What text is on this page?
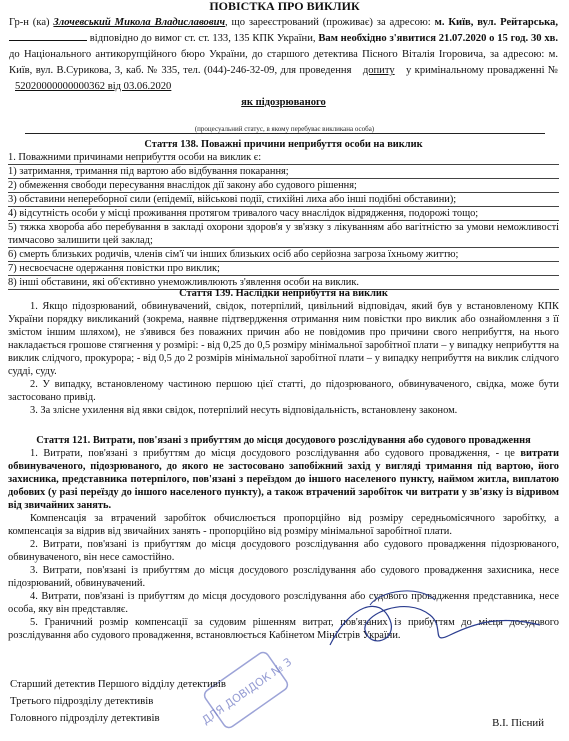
ПОВІСТКА ПРО ВИКЛИК
Гр-н (ка) Злочевський Микола Владиславович, що зареєстрований (проживає) за адресою: м. Київ, вул. Рейтарська,  відповідно до вимог ст. ст. 133, 135 КПК України, Вам необхідно з'явитися 21.07.2020 о 15 год. 30 хв. до Національного антикорупційного бюро України, до старшого детектива Пісного Віталія Ігоровича, за адресою: м. Київ, вул. В.Сурикова, 3, каб. № 335, тел. (044)-246-32-09, для проведення допиту у кримінальному провадженні № 52020000000000362 від 03.06.2020
як підозрюваного
(процесуальний статус, в якому перебуває викликана особа)
Стаття 138. Поважні причини неприбуття особи на виклик
1. Поважними причинами неприбуття особи на виклик є:
1) затримання, тримання під вартою або відбування покарання;
2) обмеження свободи пересування внаслідок дії закону або судового рішення;
3) обставини непереборної сили (епідемії, військові події, стихійні лиха або інші подібні обставини);
4) відсутність особи у місці проживання протягом тривалого часу внаслідок відрядження, подорожі тощо;
5) тяжка хвороба або перебування в закладі охорони здоров'я у зв'язку з лікуванням або вагітністю за умови неможливості тимчасово залишити цей заклад;
6) смерть близьких родичів, членів сім'ї чи інших близьких осіб або серйозна загроза їхньому життю;
7) несвоєчасне одержання повістки про виклик;
8) інші обставини, які об'єктивно унеможливлюють з'явлення особи на виклик.
Стаття 139. Наслідки неприбуття на виклик
1. Якщо підозрюваний, обвинувачений, свідок, потерпілий, цивільний відповідач, який був у встановленому КПК України порядку викликаний (зокрема, наявне підтвердження отримання ним повістки про виклик або ознайомлення з її змістом іншим шляхом), не з'явився без поважних причин або не повідомив про причини свого неприбуття, на нього накладається грошове стягнення у розмірі: - від 0,25 до 0,5 розміру мінімальної заробітної плати – у випадку неприбуття на виклик слідчого, прокурора; - від 0,5 до 2 розмірів мінімальної заробітної плати – у випадку неприбуття на виклик слідчого судді, суду.
2. У випадку, встановленому частиною першою цієї статті, до підозрюваного, обвинуваченого, свідка, може бути застосовано привід.
3. За злісне ухилення від явки свідок, потерпілий несуть відповідальність, встановлену законом.
Стаття 121. Витрати, пов'язані з прибуттям до місця досудового розслідування або судового провадження
1. Витрати, пов'язані з прибуттям до місця досудового розслідування або судового провадження, - це витрати обвинуваченого, підозрюваного, до якого не застосовано запобіжний захід у вигляді тримання під вартою, його захисника, представника потерпілого, пов'язані з переїздом до іншого населеного пункту, наймом житла, виплатою добових (у разі переїзду до іншого населеного пункту), а також втрачений заробіток чи витрати у зв'язку із відривом від звичайних занять.
Компенсація за втрачений заробіток обчислюється пропорційно від розміру середньомісячного заробітку, а компенсація за відрив від звичайних занять - пропорційно від розміру мінімальної заробітної плати.
2. Витрати, пов'язані із прибуттям до місця досудового розслідування або судового провадження підозрюваного, обвинуваченого, він несе самостійно.
3. Витрати, пов'язані із прибуттям до місця досудового розслідування або судового провадження захисника, несе підозрюваний, обвинувачений.
4. Витрати, пов'язані із прибуттям до місця досудового розслідування або судового провадження представника, несе особа, яку він представляє.
5. Граничний розмір компенсації за судовим рішенням витрат, пов'язаних із прибуттям до місця досудового розслідування або судового провадження, встановлюється Кабінетом Міністрів України.
ДЛЯ ДОВІДОК № 3
Старший детектив Першого відділу детективів
Третього підрозділу детективів
Головного підрозділу детективів	В.І. Пісний
